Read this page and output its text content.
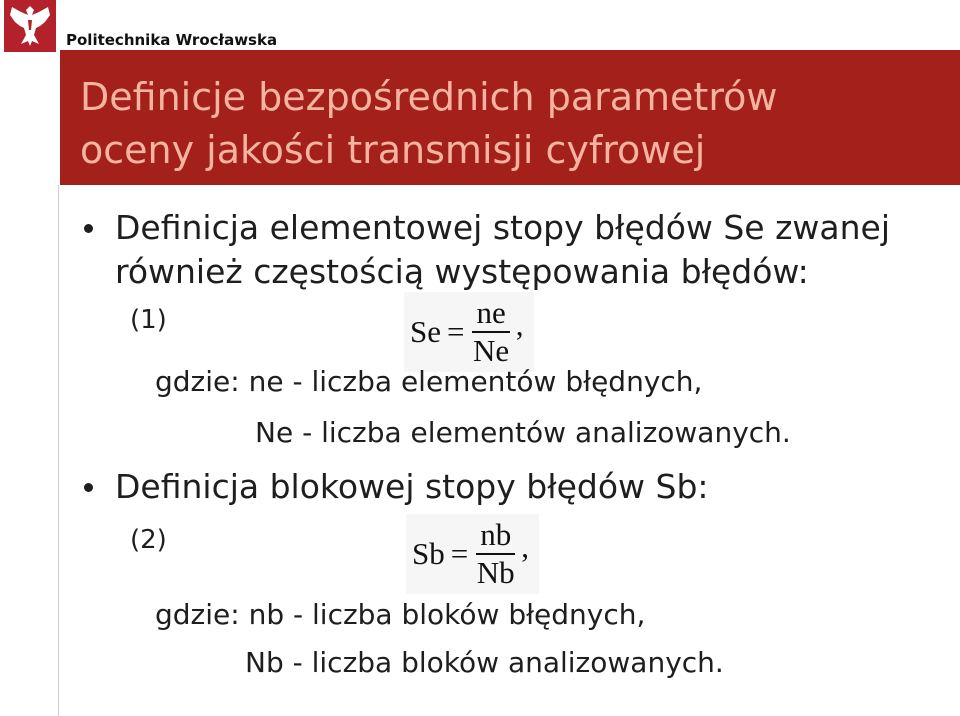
Politechnika Wrocławska
Definicje bezpośrednich parametrów
oceny jakości transmisji cyfrowej
Definicja elementowej stopy błędów Se zwanej
również częstością występowania błędów:
(1)	$Se = \frac{ne}{Ne}$ ,
gdzie: ne - liczba elementów błędnych,
Ne - liczba elementów analizowanych.
Definicja blokowej stopy błędów Sb:
(2)	$Sb = \frac{nb}{Nb}$ ,
gdzie: nb - liczba bloków błędnych,
Nb - liczba bloków analizowanych.
